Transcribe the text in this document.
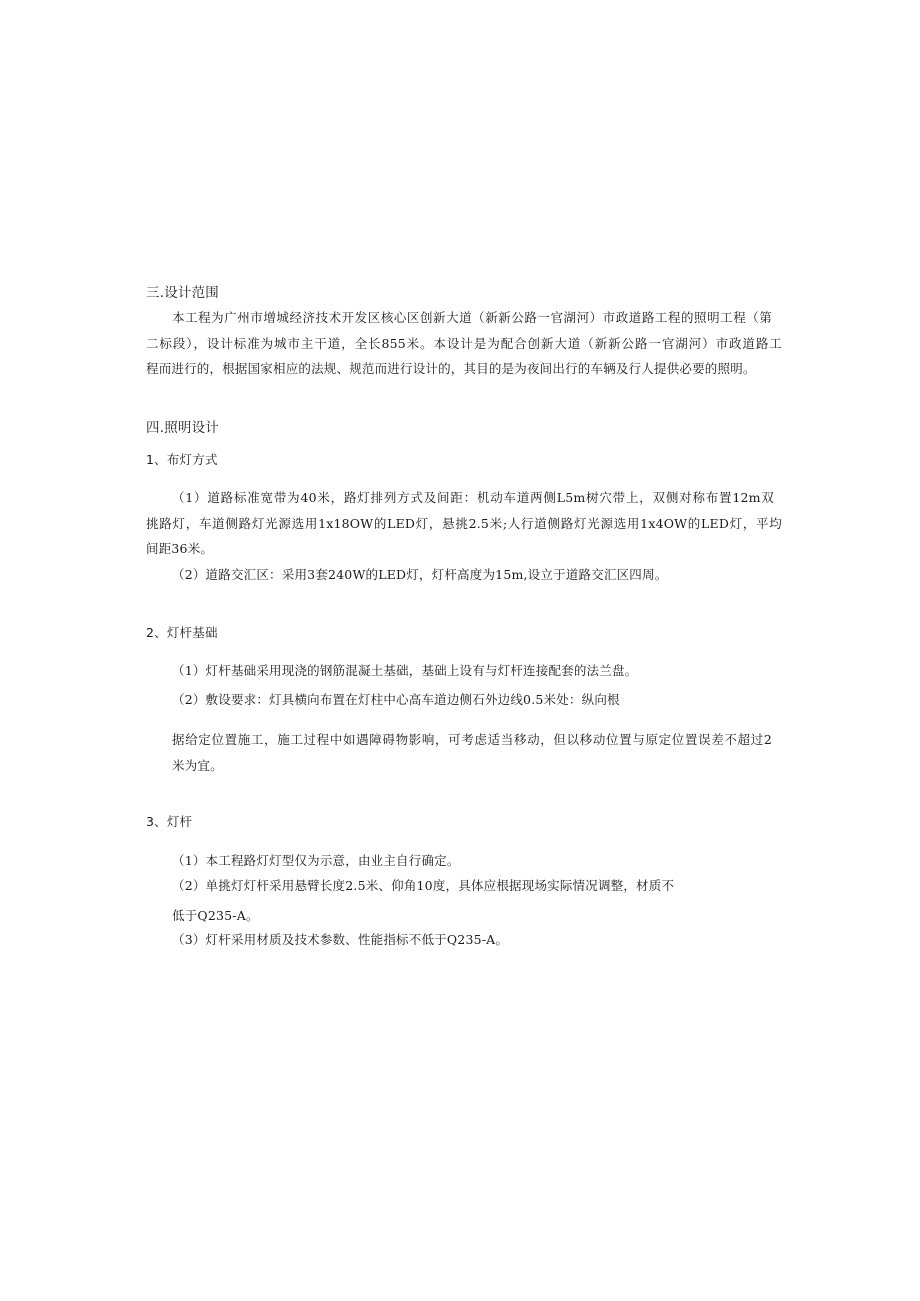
三.设计范围
本工程为广州市增城经济技术开发区核心区创新大道（新新公路一官湖河）市政道路工程的照明工程（第
二标段），设计标准为城市主干道，全长855米。本设计是为配合创新大道（新新公路一官湖河）市政道路工
程而进行的，根据国家相应的法规、规范而进行设计的，其目的是为夜间出行的车辆及行人提供必要的照明。
四.照明设计
1、布灯方式
（1）道路标准宽带为40米，路灯排列方式及间距：机动车道两侧L5m树穴带上，双侧对称布置12m双
挑路灯，车道侧路灯光源选用1x18OW的LED灯，悬挑2.5米;人行道侧路灯光源选用1x4OW的LED灯，平均
间距36米。
（2）道路交汇区：采用3套240W的LED灯，灯杆高度为15m,设立于道路交汇区四周。
2、灯杆基础
（1）灯杆基础采用现浇的钢筋混凝土基础，基础上设有与灯杆连接配套的法兰盘。
（2）敷设要求：灯具横向布置在灯柱中心高车道边侧石外边线0.5米处：纵向根
据给定位置施工，施工过程中如遇障碍物影响，可考虑适当移动，但以移动位置与原定位置误差不超过2
米为宜。
3、灯杆
（1）本工程路灯灯型仅为示意，由业主自行确定。
（2）单挑灯灯杆采用悬臂长度2.5米、仰角10度，具体应根据现场实际情况调整，材质不
低于Q235-A。
（3）灯杆采用材质及技术参数、性能指标不低于Q235-A。
